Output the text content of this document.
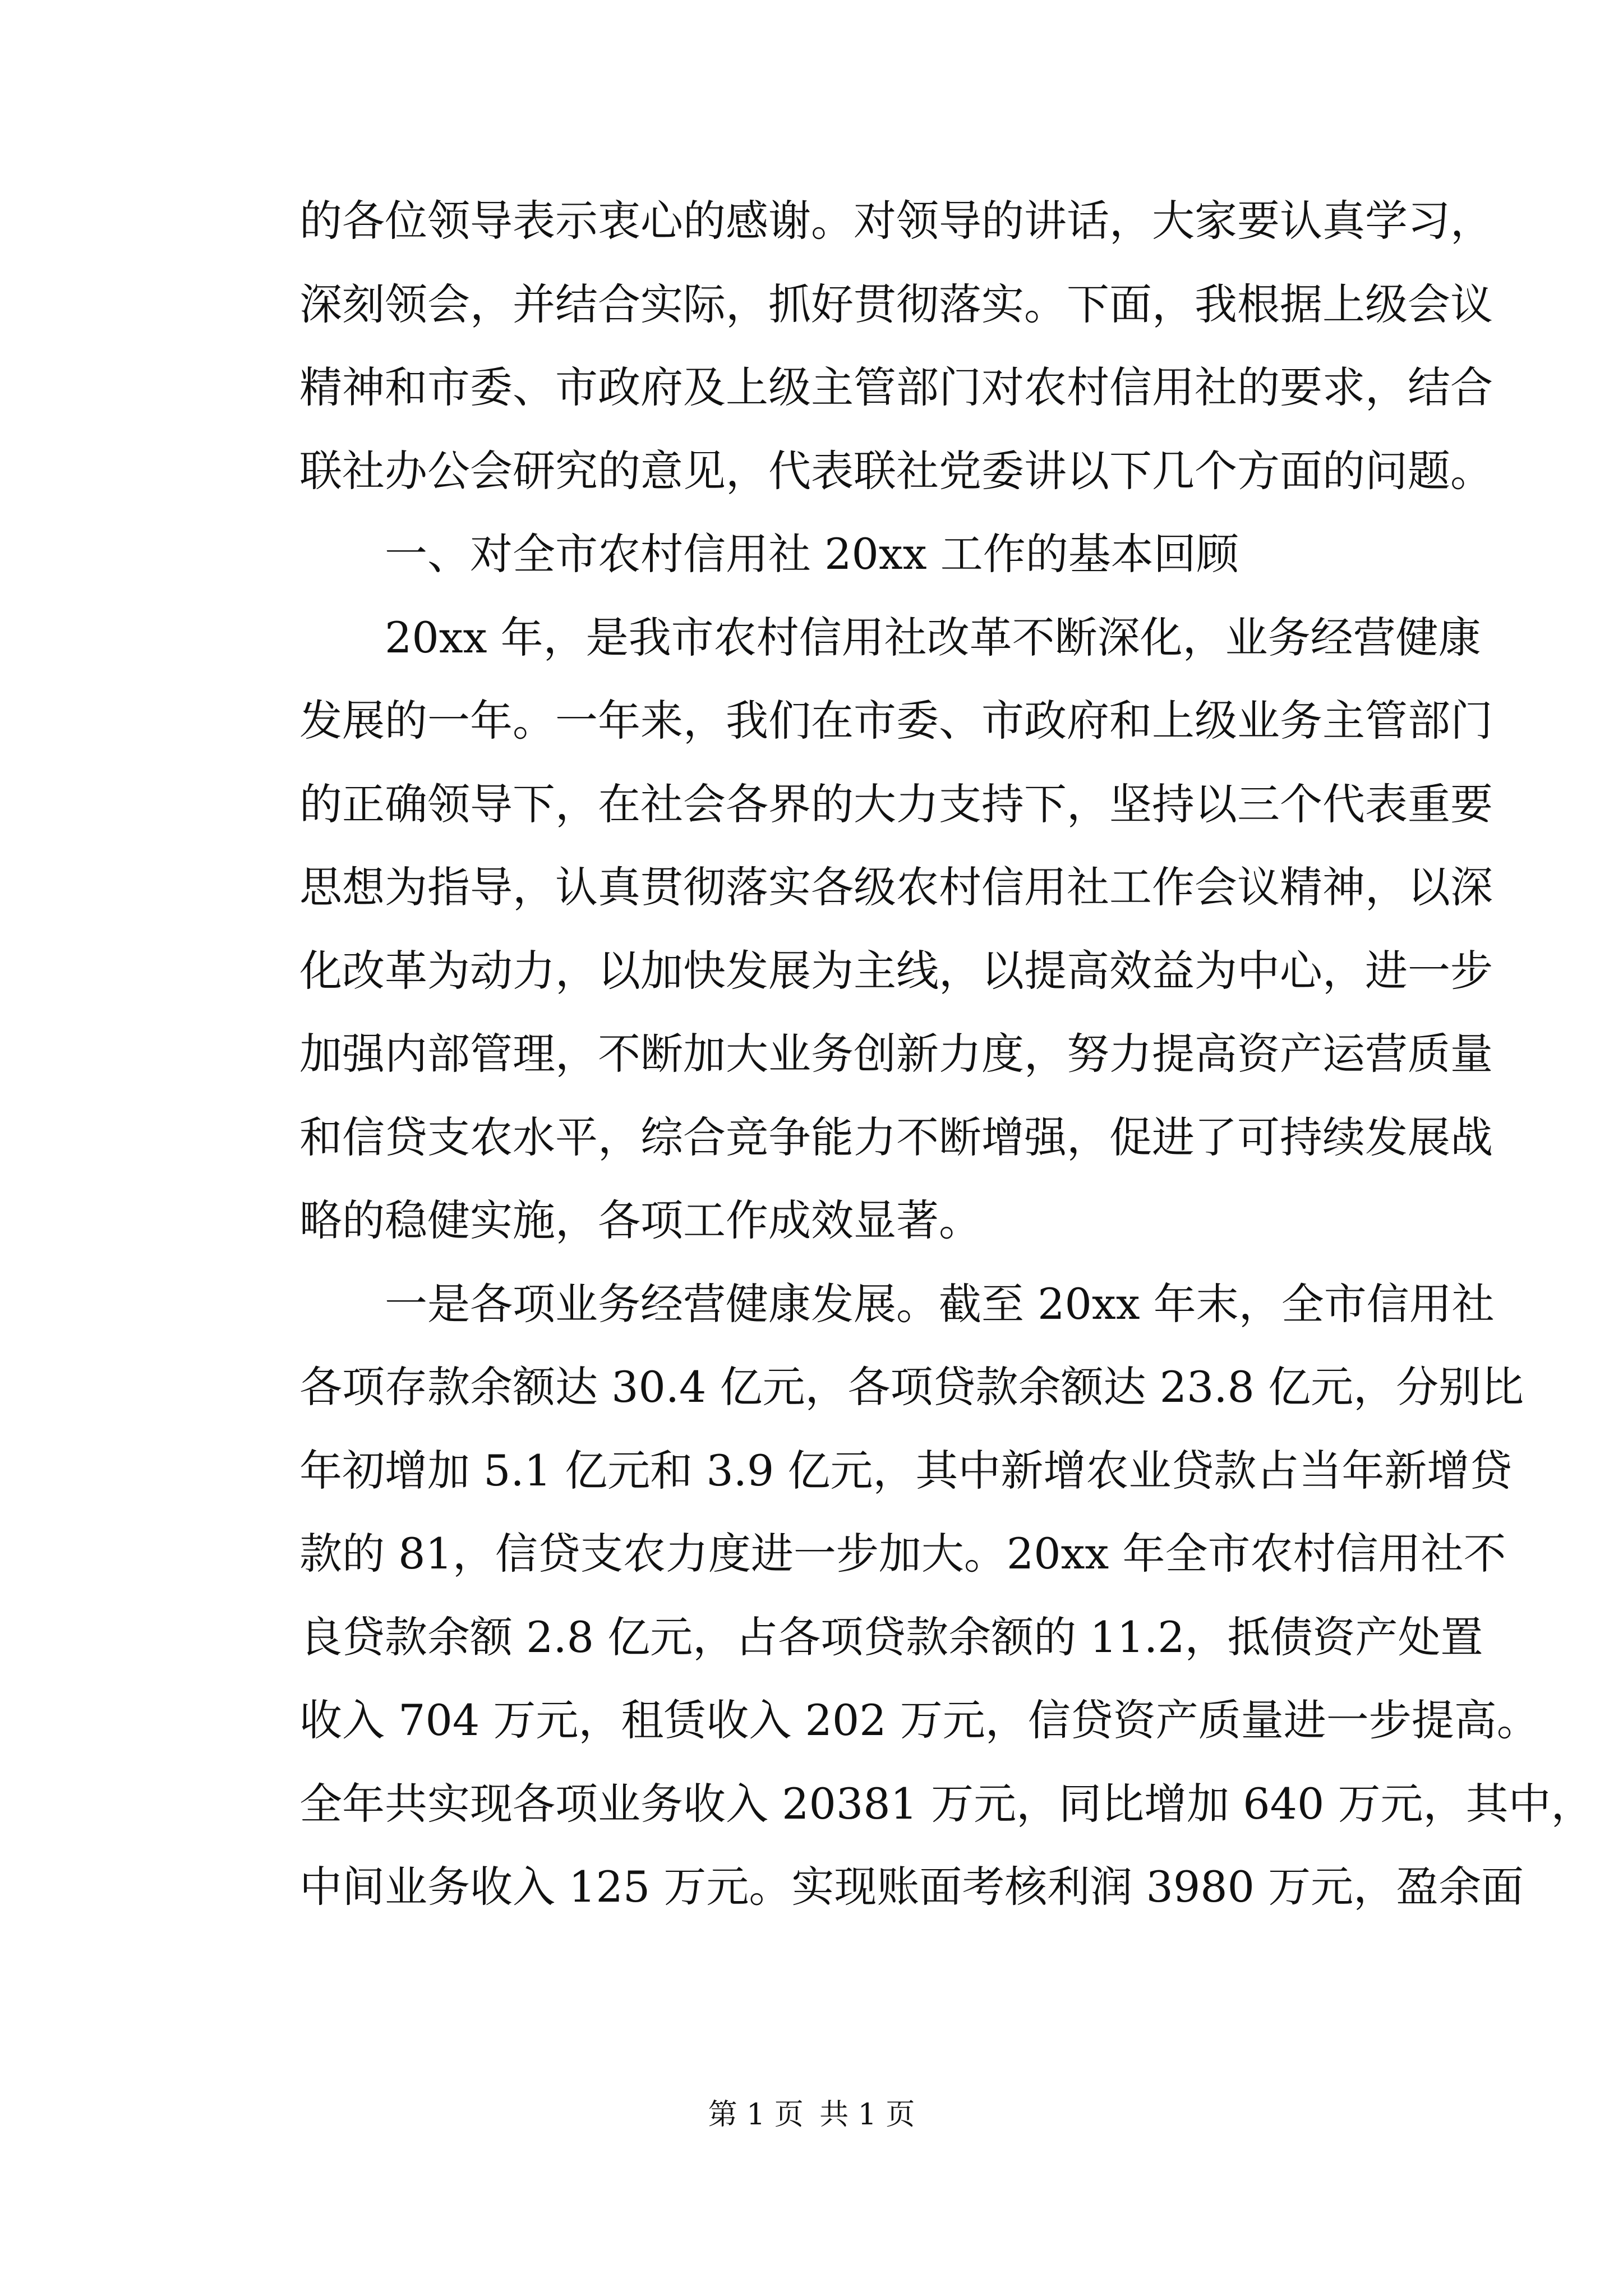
的各位领导表示衷心的感谢。对领导的讲话，大家要认真学习，
深刻领会，并结合实际，抓好贯彻落实。下面，我根据上级会议
精神和市委、市政府及上级主管部门对农村信用社的要求，结合
联社办公会研究的意见，代表联社党委讲以下几个方面的问题。
一、对全市农村信用社 20xx 工作的基本回顾
20xx 年，是我市农村信用社改革不断深化，业务经营健康
发展的一年。一年来，我们在市委、市政府和上级业务主管部门
的正确领导下，在社会各界的大力支持下，坚持以三个代表重要
思想为指导，认真贯彻落实各级农村信用社工作会议精神，以深
化改革为动力，以加快发展为主线，以提高效益为中心，进一步
加强内部管理，不断加大业务创新力度，努力提高资产运营质量
和信贷支农水平，综合竞争能力不断增强，促进了可持续发展战
略的稳健实施，各项工作成效显著。
一是各项业务经营健康发展。截至 20xx 年末，全市信用社
各项存款余额达 30.4 亿元，各项贷款余额达 23.8 亿元，分别比
年初增加 5.1 亿元和 3.9 亿元，其中新增农业贷款占当年新增贷
款的 81，信贷支农力度进一步加大。20xx 年全市农村信用社不
良贷款余额 2.8 亿元，占各项贷款余额的 11.2，抵债资产处置
收入 704 万元，租赁收入 202 万元，信贷资产质量进一步提高。
全年共实现各项业务收入 20381 万元，同比增加 640 万元，其中，
中间业务收入 125 万元。实现账面考核利润 3980 万元，盈余面
第 1 页 共 1 页
